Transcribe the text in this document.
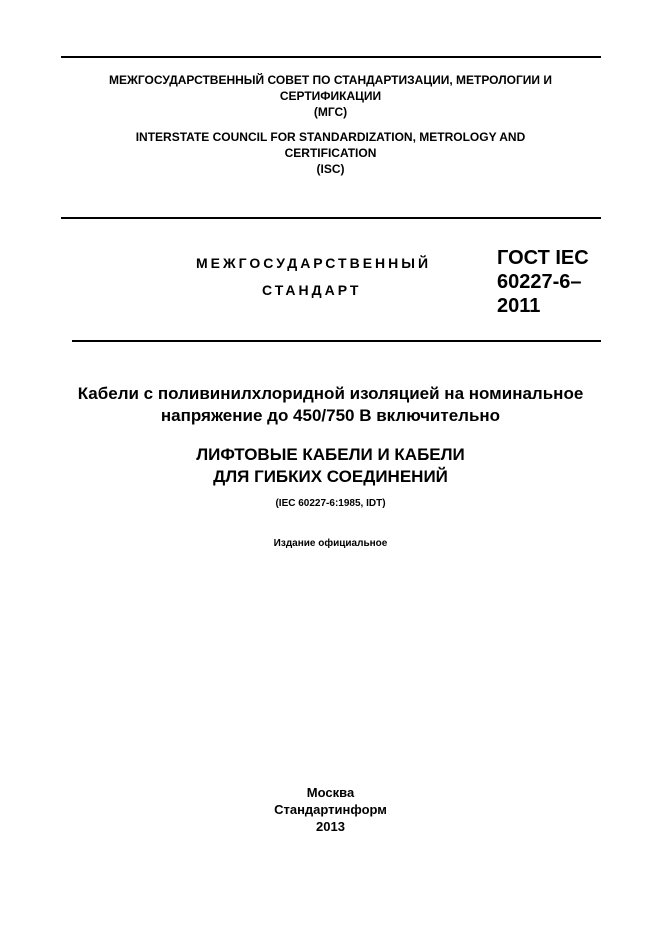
МЕЖГОСУДАРСТВЕННЫЙ СОВЕТ ПО СТАНДАРТИЗАЦИИ, МЕТРОЛОГИИ И
СЕРТИФИКАЦИИ
(МГС)
INTERSTATE COUNCIL FOR STANDARDIZATION, METROLOGY AND
CERTIFICATION
(ISC)
МЕЖГОСУДАРСТВЕННЫЙ
СТАНДАРТ
ГОСТ IEC
60227-6–
2011
Кабели с поливинилхлоридной изоляцией на номинальное
напряжение до 450/750 В включительно
ЛИФТОВЫЕ КАБЕЛИ И КАБЕЛИ
ДЛЯ ГИБКИХ СОЕДИНЕНИЙ
(IEC 60227-6:1985, IDT)
Издание официальное
Москва
Стандартинформ
2013
